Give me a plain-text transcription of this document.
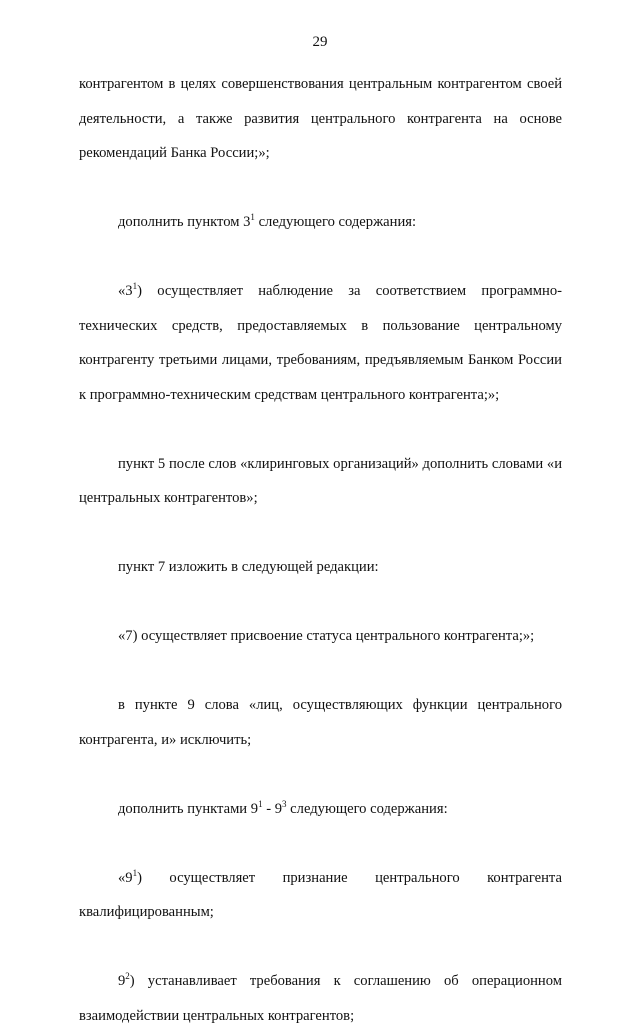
29

контрагентом в целях совершенствования центральным контрагентом своей деятельности, а также развития центрального контрагента на основе рекомендаций Банка России;»;

дополнить пунктом $3^1$ следующего содержания:

«$3^1$) осуществляет наблюдение за соответствием программно- технических средств, предоставляемых в пользование центральному контрагенту третьими лицами, требованиям, предъявляемым Банком России к программно-техническим средствам центрального контрагента;»;

пункт 5 после слов «клиринговых организаций» дополнить словами «и центральных контрагентов»;

пункт 7 изложить в следующей редакции:

«7) осуществляет присвоение статуса центрального контрагента;»;

в пункте 9 слова «лиц, осуществляющих функции центрального контрагента, и» исключить;

дополнить пунктами $9^1 - 9^3$ следующего содержания:

«$9^1$) осуществляет признание центрального контрагента

квалифицированным;

$9^2$) устанавливает требования к соглашению об операционном взаимодействии центральных контрагентов;
